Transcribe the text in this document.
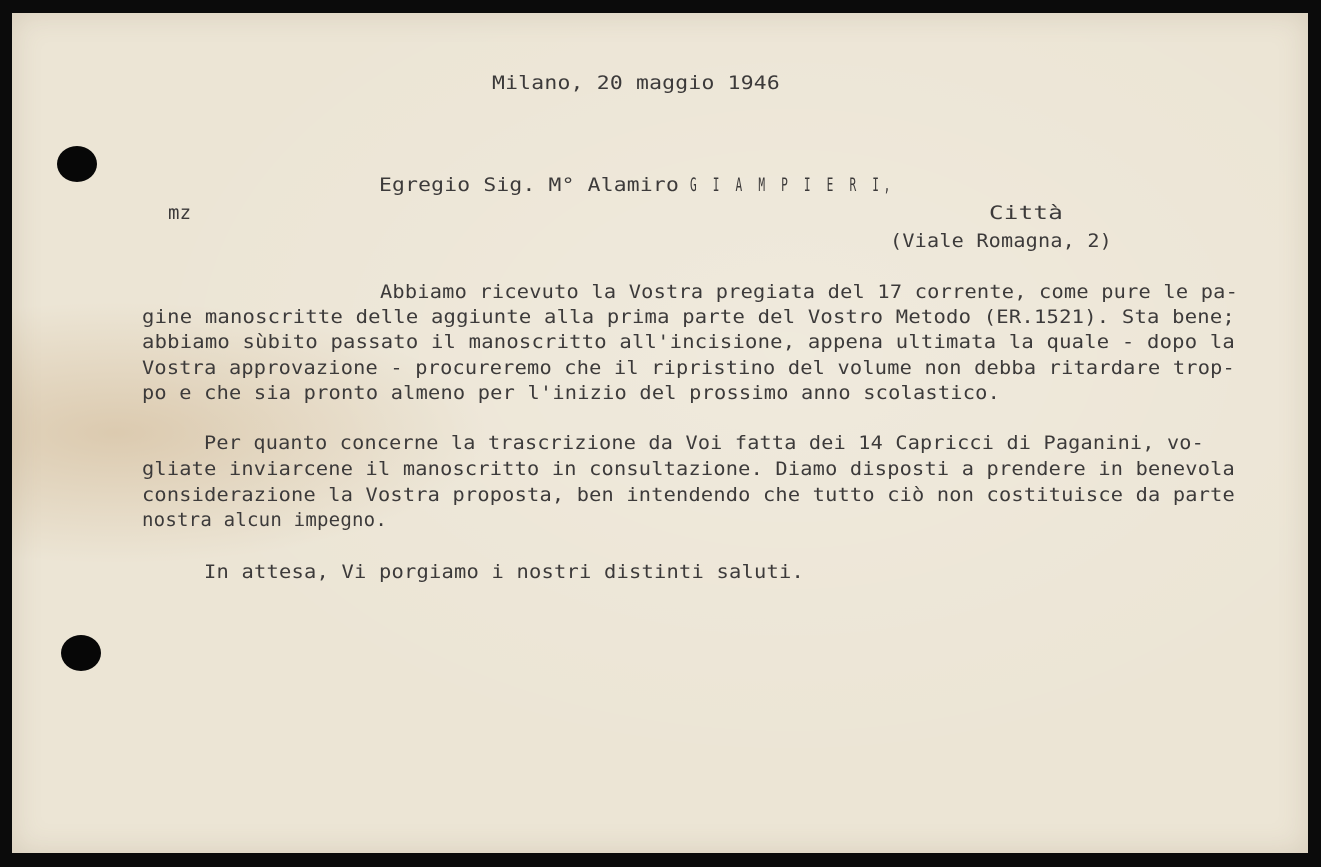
Milano, 20 maggio 1946
Egregio Sig. M° Alamiro G I A M P I E R I,
mz	Città
(Viale Romagna, 2)
Abbiamo ricevuto la Vostra pregiata del 17 corrente, come pure le pa-
gine manoscritte delle aggiunte alla prima parte del Vostro Metodo (ER.1521). Sta bene;
abbiamo sùbito passato il manoscritto all'incisione, appena ultimata la quale - dopo la
Vostra approvazione - procureremo che il ripristino del volume non debba ritardare trop-
po e che sia pronto almeno per l'inizio del prossimo anno scolastico.
Per quanto concerne la trascrizione da Voi fatta dei 14 Capricci di Paganini, vo-
gliate inviarcene il manoscritto in consultazione. Diamo disposti a prendere in benevola
considerazione la Vostra proposta, ben intendendo che tutto ciò non costituisce da parte
nostra alcun impegno.
In attesa, Vi porgiamo i nostri distinti saluti.
